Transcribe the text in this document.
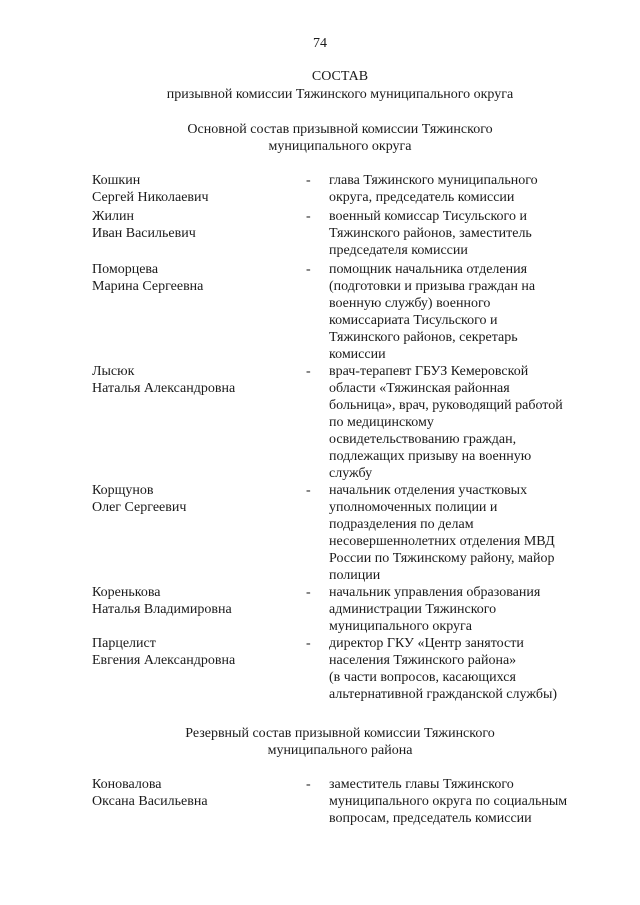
74
СОСТАВ
призывной комиссии Тяжинского муниципального округа
Основной состав призывной комиссии Тяжинского
муниципального округа
Кошкин
Сергей Николаевич
-	глава Тяжинского муниципального
округа, председатель комиссии
Жилин
Иван Васильевич
-	военный комиссар Тисульского и
Тяжинского районов, заместитель
председателя комиссии
Поморцева
Марина Сергеевна
-	помощник начальника отделения
(подготовки и призыва граждан на
военную службу) военного
комиссариата Тисульского и
Тяжинского районов, секретарь
комиссии
Лысюк
Наталья Александровна
-	врач-терапевт ГБУЗ Кемеровской
области «Тяжинская районная
больница», врач, руководящий работой
по медицинскому
освидетельствованию граждан,
подлежащих призыву на военную
службу
Корщунов
Олег Сергеевич
-	начальник отделения участковых
уполномоченных полиции и
подразделения по делам
несовершеннолетних отделения МВД
России по Тяжинскому району, майор
полиции
Коренькова
Наталья Владимировна
-	начальник управления образования
администрации Тяжинского
муниципального округа
Парцелист
Евгения Александровна
-	директор ГКУ «Центр занятости
населения Тяжинского района»
(в части вопросов, касающихся
альтернативной гражданской службы)
Резервный состав призывной комиссии Тяжинского
муниципального района
Коновалова
Оксана Васильевна
-	заместитель главы Тяжинского
муниципального округа по социальным
вопросам, председатель комиссии
